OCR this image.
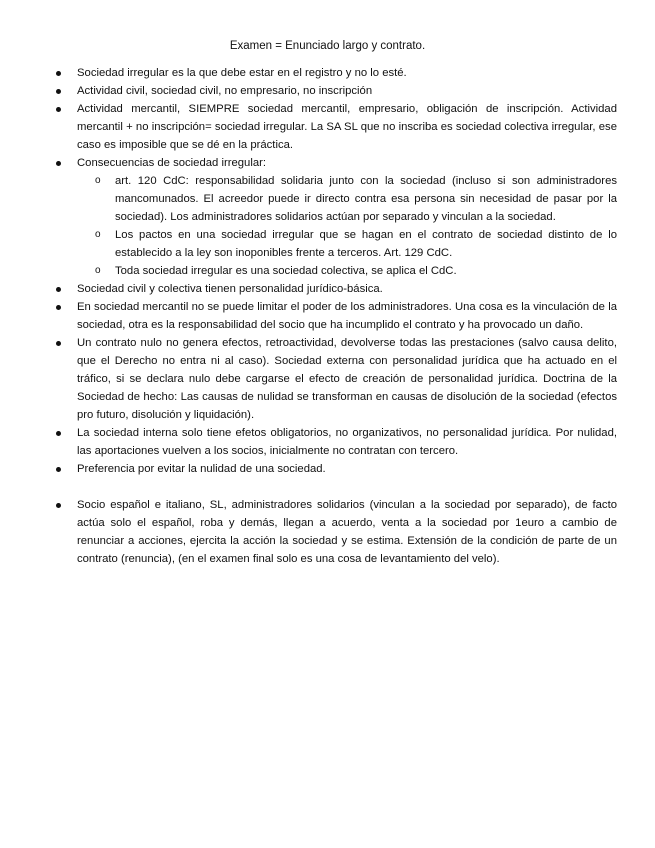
Examen = Enunciado largo y contrato.
Sociedad irregular es la que debe estar en el registro y no lo esté.
Actividad civil, sociedad civil, no empresario, no inscripción
Actividad mercantil, SIEMPRE sociedad mercantil, empresario, obligación de inscripción. Actividad mercantil + no inscripción= sociedad irregular. La SA SL que no inscriba es sociedad colectiva irregular, ese caso es imposible que se dé en la práctica.
Consecuencias de sociedad irregular:
o art. 120 CdC: responsabilidad solidaria junto con la sociedad (incluso si son administradores mancomunados. El acreedor puede ir directo contra esa persona sin necesidad de pasar por la sociedad). Los administradores solidarios actúan por separado y vinculan a la sociedad.
o Los pactos en una sociedad irregular que se hagan en el contrato de sociedad distinto de lo establecido a la ley son inoponibles frente a terceros. Art. 129 CdC.
o Toda sociedad irregular es una sociedad colectiva, se aplica el CdC.
Sociedad civil y colectiva tienen personalidad jurídico-básica.
En sociedad mercantil no se puede limitar el poder de los administradores. Una cosa es la vinculación de la sociedad, otra es la responsabilidad del socio que ha incumplido el contrato y ha provocado un daño.
Un contrato nulo no genera efectos, retroactividad, devolverse todas las prestaciones (salvo causa delito, que el Derecho no entra ni al caso). Sociedad externa con personalidad jurídica que ha actuado en el tráfico, si se declara nulo debe cargarse el efecto de creación de personalidad jurídica. Doctrina de la Sociedad de hecho: Las causas de nulidad se transforman en causas de disolución de la sociedad (efectos pro futuro, disolución y liquidación).
La sociedad interna solo tiene efetos obligatorios, no organizativos, no personalidad jurídica. Por nulidad, las aportaciones vuelven a los socios, inicialmente no contratan con tercero.
Preferencia por evitar la nulidad de una sociedad.
Socio español e italiano, SL, administradores solidarios (vinculan a la sociedad por separado), de facto actúa solo el español, roba y demás, llegan a acuerdo, venta a la sociedad por 1euro a cambio de renunciar a acciones, ejercita la acción la sociedad y se estima. Extensión de la condición de parte de un contrato (renuncia), (en el examen final solo es una cosa de levantamiento del velo).
